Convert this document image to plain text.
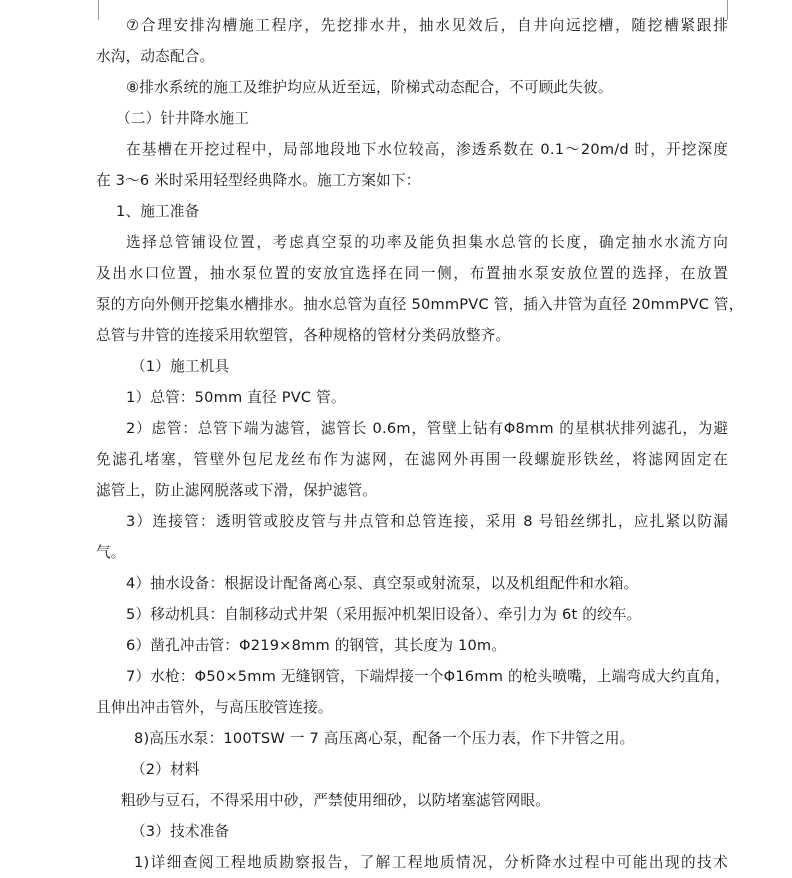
⑦合理安排沟槽施工程序，先挖排水井，抽水见效后，自井向远挖槽，随挖槽紧跟排
水沟，动态配合。
⑧排水系统的施工及维护均应从近至远，阶梯式动态配合，不可顾此失彼。
（二）针井降水施工
在基槽在开挖过程中，局部地段地下水位较高，渗透系数在 0.1～20m/d 时，开挖深度
在 3～6 米时采用轻型经典降水。施工方案如下：
1、施工准备
选择总管铺设位置，考虑真空泵的功率及能负担集水总管的长度，确定抽水水流方向
及出水口位置，抽水泵位置的安放宜选择在同一侧，布置抽水泵安放位置的选择，在放置
泵的方向外侧开挖集水槽排水。抽水总管为直径 50mmPVC 管，插入井管为直径 20mmPVC 管，
总管与井管的连接采用软塑管，各种规格的管材分类码放整齐。
（1）施工机具
1）总管：50mm 直径 PVC 管。
2）虑管：总管下端为滤管，滤管长 0.6m，管壁上钻有Φ8mm 的星棋状排列滤孔，为避
免滤孔堵塞，管壁外包尼龙丝布作为滤网，在滤网外再围一段螺旋形铁丝，将滤网固定在
滤管上，防止滤网脱落或下滑，保护滤管。
3）连接管：透明管或胶皮管与井点管和总管连接，采用 8 号铅丝绑扎，应扎紧以防漏
气。
4）抽水设备：根据设计配备离心泵、真空泵或射流泵，以及机组配件和水箱。
5）移动机具：自制移动式井架（采用振冲机架旧设备）、牵引力为 6t 的绞车。
6）凿孔冲击管：Φ219×8mm 的钢管，其长度为 10m。
7）水枪：Φ50×5mm 无缝钢管，下端焊接一个Φ16mm 的枪头喷嘴，上端弯成大约直角，
且伸出冲击管外，与高压胶管连接。
8)高压水泵：100TSW 一 7 高压离心泵，配备一个压力表，作下井管之用。
（2）材料
粗砂与豆石，不得采用中砂，严禁使用细砂，以防堵塞滤管网眼。
（3）技术准备
1)详细查阅工程地质勘察报告，了解工程地质情况，分析降水过程中可能出现的技术
